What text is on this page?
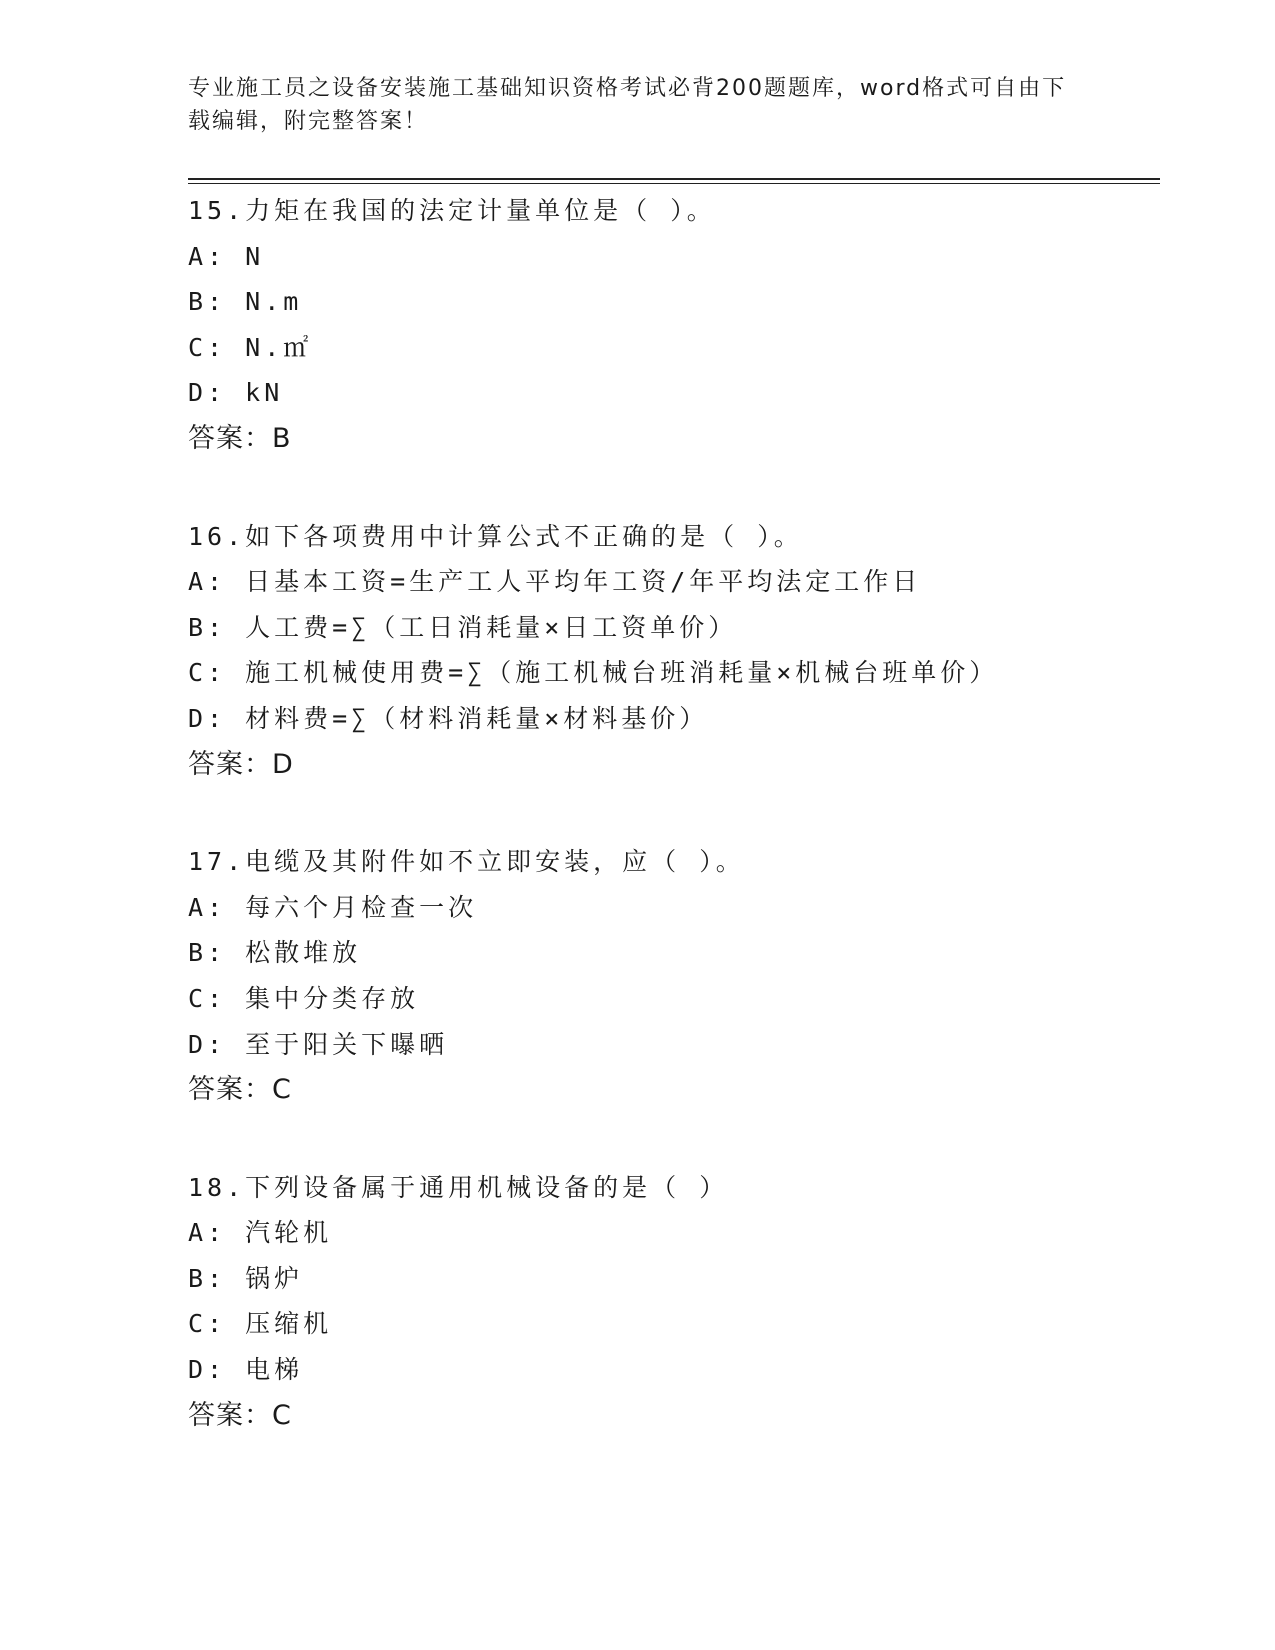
专业施工员之设备安装施工基础知识资格考试必背200题题库，word格式可自由下载编辑，附完整答案！
15.力矩在我国的法定计量单位是（ ）。
A: N
B: N.m
C: N.㎡
D: kN
答案：B
16.如下各项费用中计算公式不正确的是（ ）。
A: 日基本工资=生产工人平均年工资/年平均法定工作日
B: 人工费=∑（工日消耗量×日工资单价）
C: 施工机械使用费=∑（施工机械台班消耗量×机械台班单价）
D: 材料费=∑（材料消耗量×材料基价）
答案：D
17.电缆及其附件如不立即安装，应（ ）。
A: 每六个月检查一次
B: 松散堆放
C: 集中分类存放
D: 至于阳关下曝晒
答案：C
18.下列设备属于通用机械设备的是（ ）
A: 汽轮机
B: 锅炉
C: 压缩机
D: 电梯
答案：C
